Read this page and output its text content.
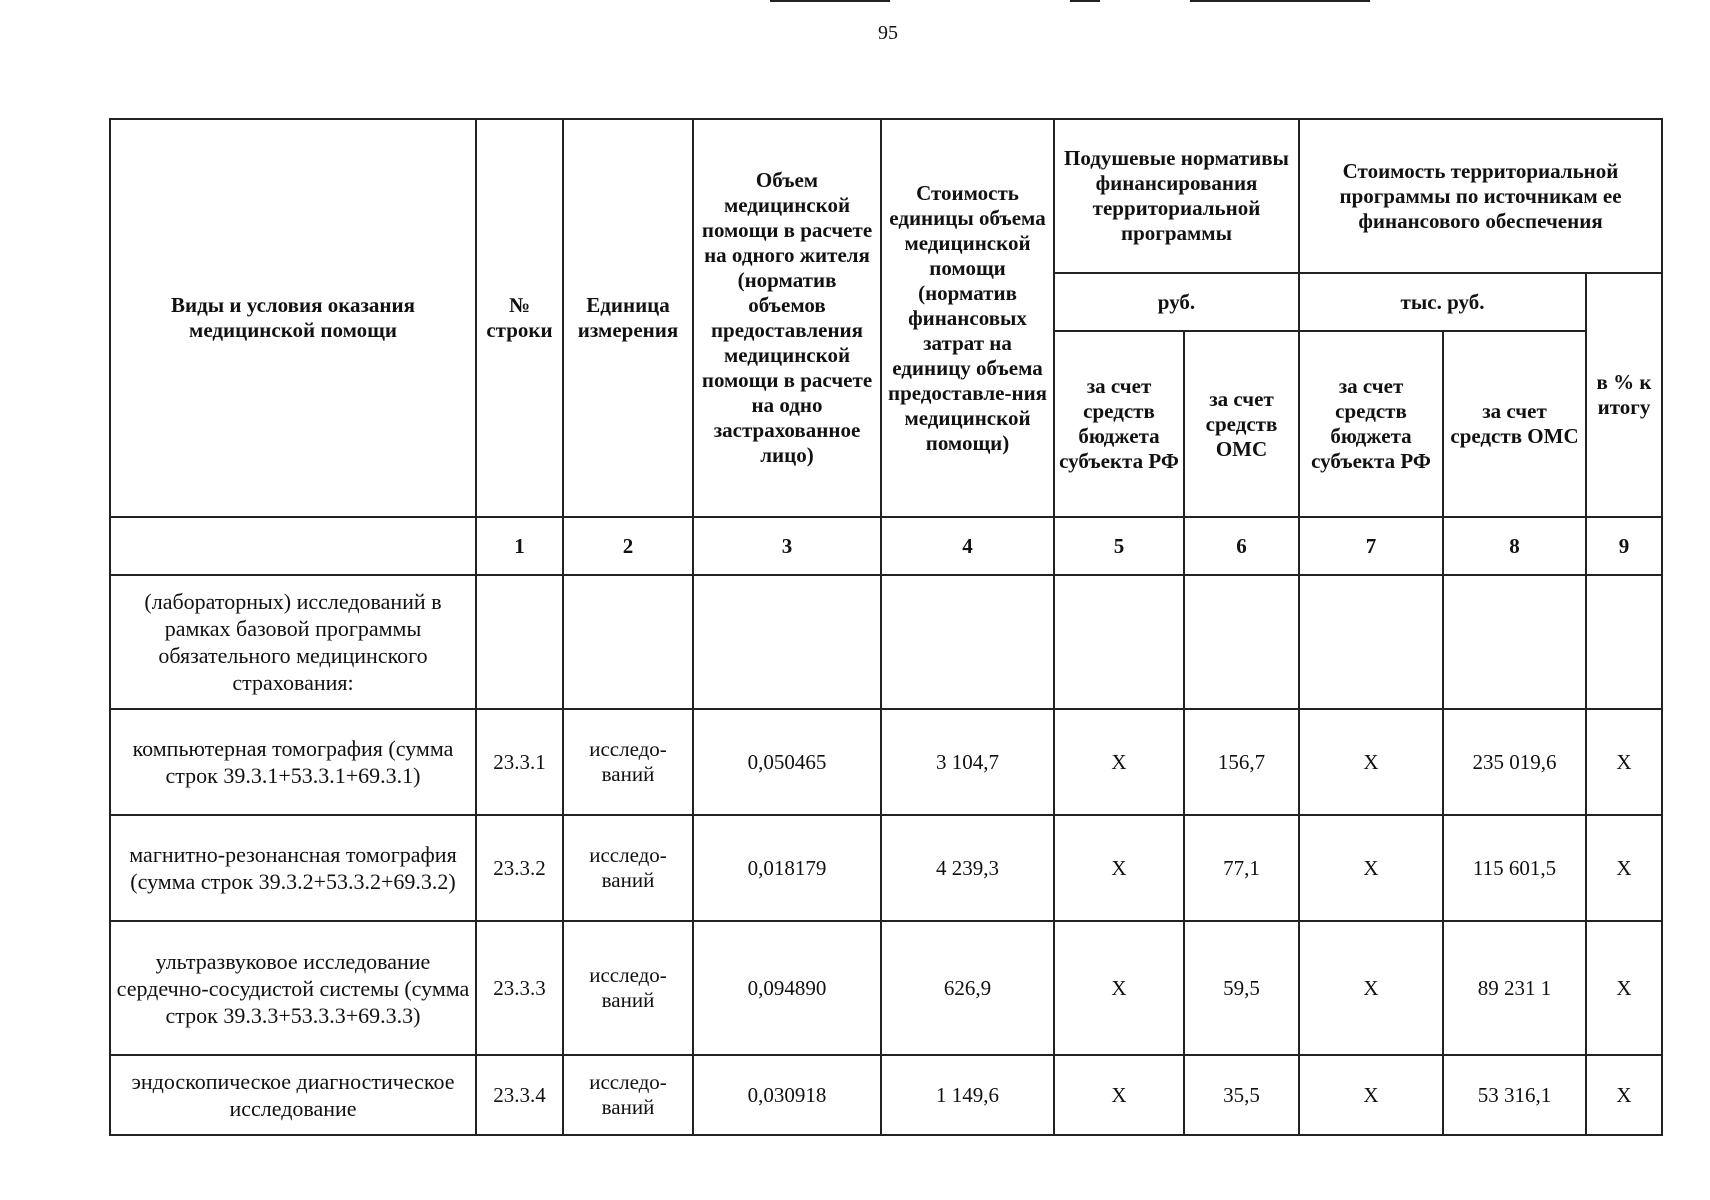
95
Виды и условия оказания медицинской помощи	№ строки	Единица измерения	Объем медицинской помощи в расчете на одного жителя (норматив объемов предоставления медицинской помощи в расчете на одно застрахованное лицо)	Стоимость единицы объема медицинской помощи (норматив финансовых затрат на единицу объема предоставле-ния медицинской помощи)	Подушевые нормативы финансирования территориальной программы		Стоимость территориальной программы по источникам ее финансового обеспечения		
					руб.		тыс. руб.		в % к итогу
					за счет средств бюджета субъекта РФ	за счет средств ОМС	за счет средств бюджета субъекта РФ	за счет средств ОМС	
	1	2	3	4	5	6	7	8	9
(лабораторных) исследований в рамках базовой программы обязательного медицинского страхования:									
компьютерная томография (сумма строк 39.3.1+53.3.1+69.3.1)	23.3.1	исследо-ваний	0,050465	3 104,7	X	156,7	X	235 019,6	X
магнитно-резонансная томография (сумма строк 39.3.2+53.3.2+69.3.2)	23.3.2	исследо-ваний	0,018179	4 239,3	X	77,1	X	115 601,5	X
ультразвуковое исследование сердечно-сосудистой системы (сумма строк 39.3.3+53.3.3+69.3.3)	23.3.3	исследо-ваний	0,094890	626,9	X	59,5	X	89 231 1	X
эндоскопическое диагностическое исследование	23.3.4	исследо-ваний	0,030918	1 149,6	X	35,5	X	53 316,1	X
